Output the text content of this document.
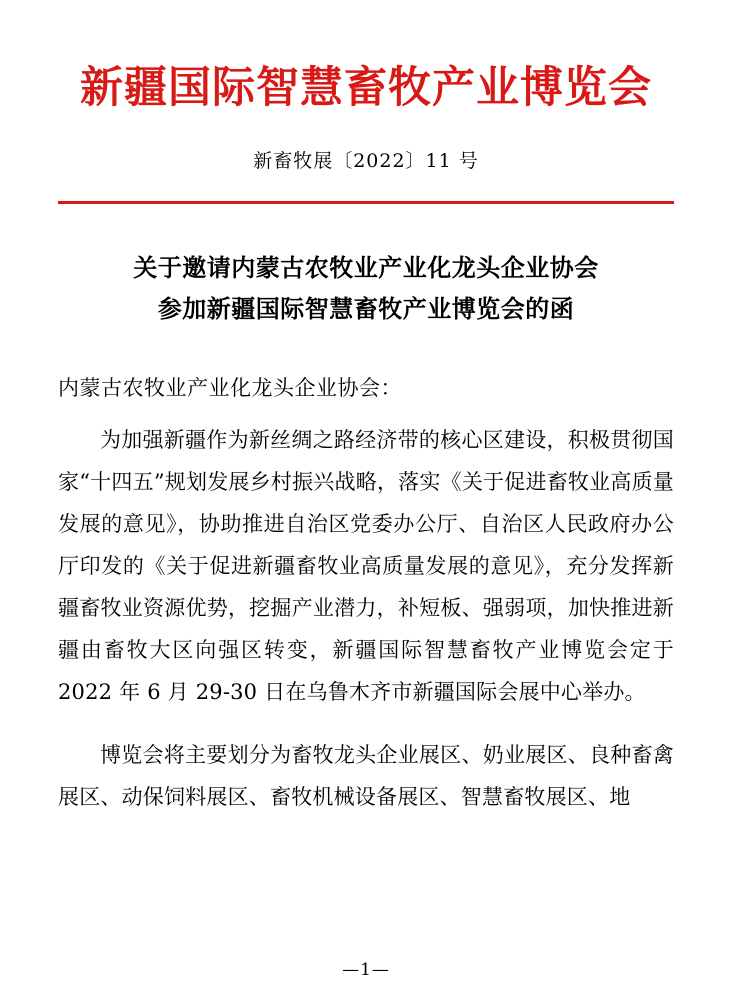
新疆国际智慧畜牧产业博览会
新畜牧展〔2022〕11 号
关于邀请内蒙古农牧业产业化龙头企业协会
参加新疆国际智慧畜牧产业博览会的函
内蒙古农牧业产业化龙头企业协会：

为加强新疆作为新丝绸之路经济带的核心区建设，积极贯彻国家“十四五”规划发展乡村振兴战略，落实《关于促进畜牧业高质量发展的意见》，协助推进自治区党委办公厅、自治区人民政府办公厅印发的《关于促进新疆畜牧业高质量发展的意见》，充分发挥新疆畜牧业资源优势，挖掘产业潜力，补短板、强弱项，加快推进新疆由畜牧大区向强区转变，新疆国际智慧畜牧产业博览会定于 2022 年 6 月 29-30 日在乌鲁木齐市新疆国际会展中心举办。

博览会将主要划分为畜牧龙头企业展区、奶业展区、良种畜禽展区、动保饲料展区、畜牧机械设备展区、智慧畜牧展区、地

—1—
